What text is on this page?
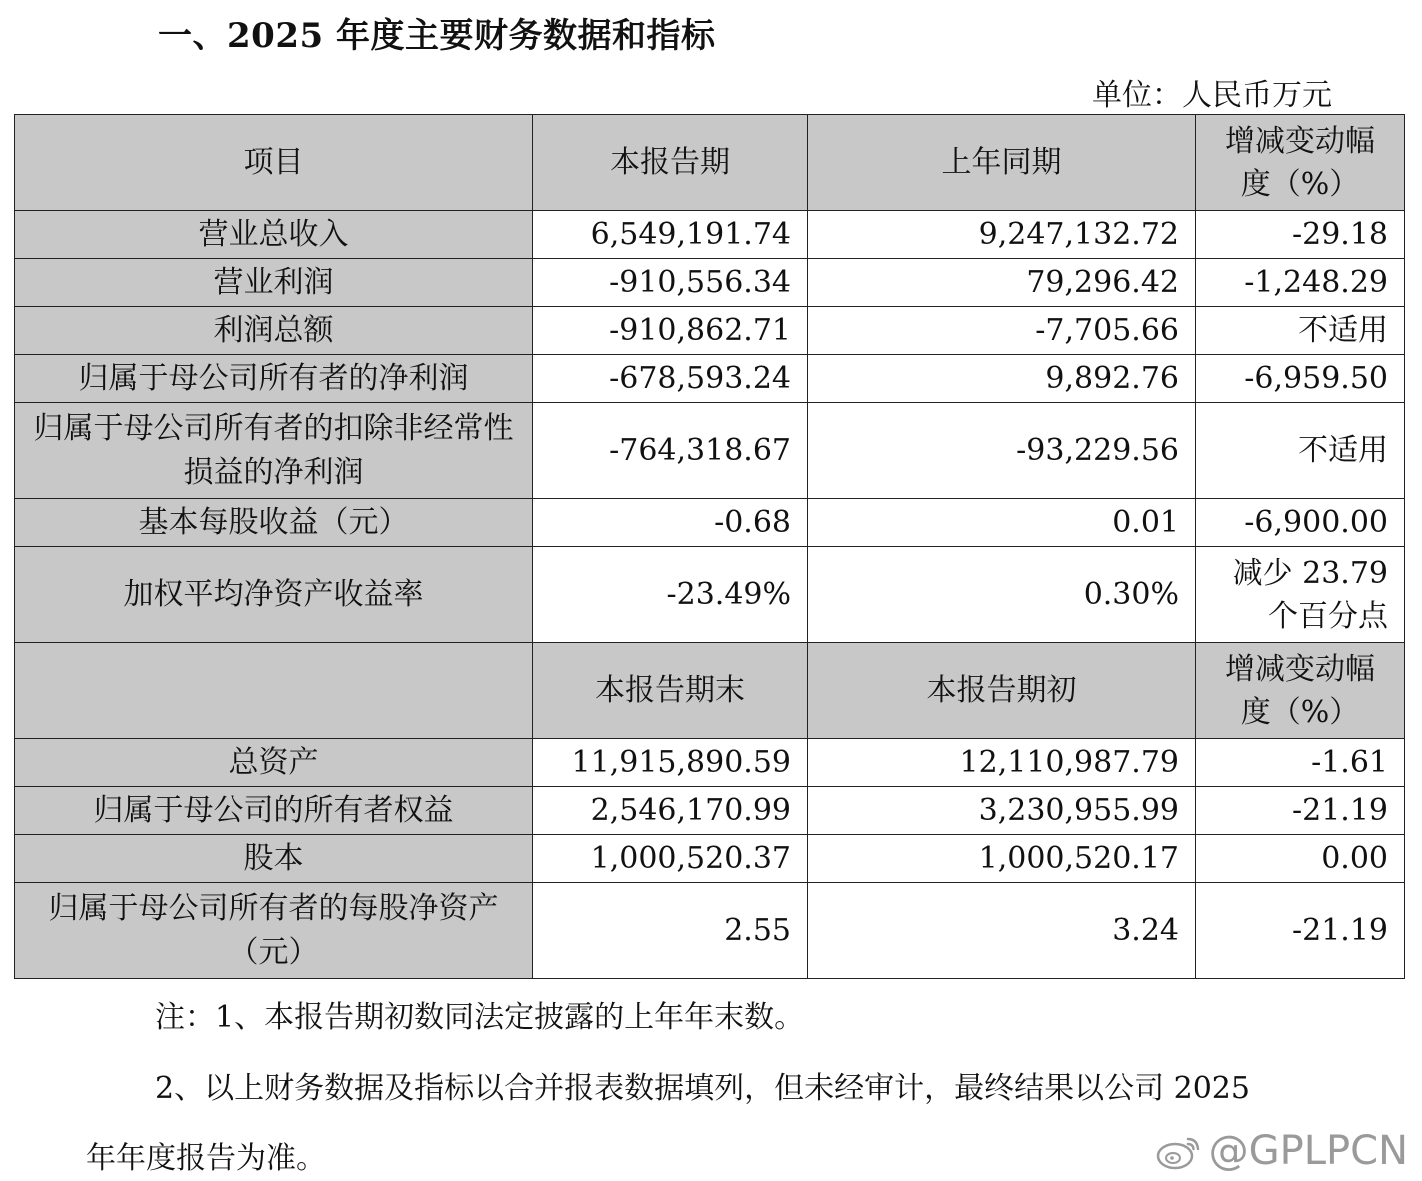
一、2025 年度主要财务数据和指标
单位：人民币万元
项目	本报告期	上年同期	增减变动幅度（%）
营业总收入	6,549,191.74	9,247,132.72	-29.18
营业利润	-910,556.34	79,296.42	-1,248.29
利润总额	-910,862.71	-7,705.66	不适用
归属于母公司所有者的净利润	-678,593.24	9,892.76	-6,959.50
归属于母公司所有者的扣除非经常性损益的净利润	-764,318.67	-93,229.56	不适用
基本每股收益（元）	-0.68	0.01	-6,900.00
加权平均净资产收益率	-23.49%	0.30%	减少 23.79 个百分点
	本报告期末	本报告期初	增减变动幅度（%）
总资产	11,915,890.59	12,110,987.79	-1.61
归属于母公司的所有者权益	2,546,170.99	3,230,955.99	-21.19
股本	1,000,520.37	1,000,520.17	0.00
归属于母公司所有者的每股净资产（元）	2.55	3.24	-21.19
注：1、本报告期初数同法定披露的上年年末数。
2、以上财务数据及指标以合并报表数据填列，但未经审计，最终结果以公司 2025
年年度报告为准。	@GPLPCN
